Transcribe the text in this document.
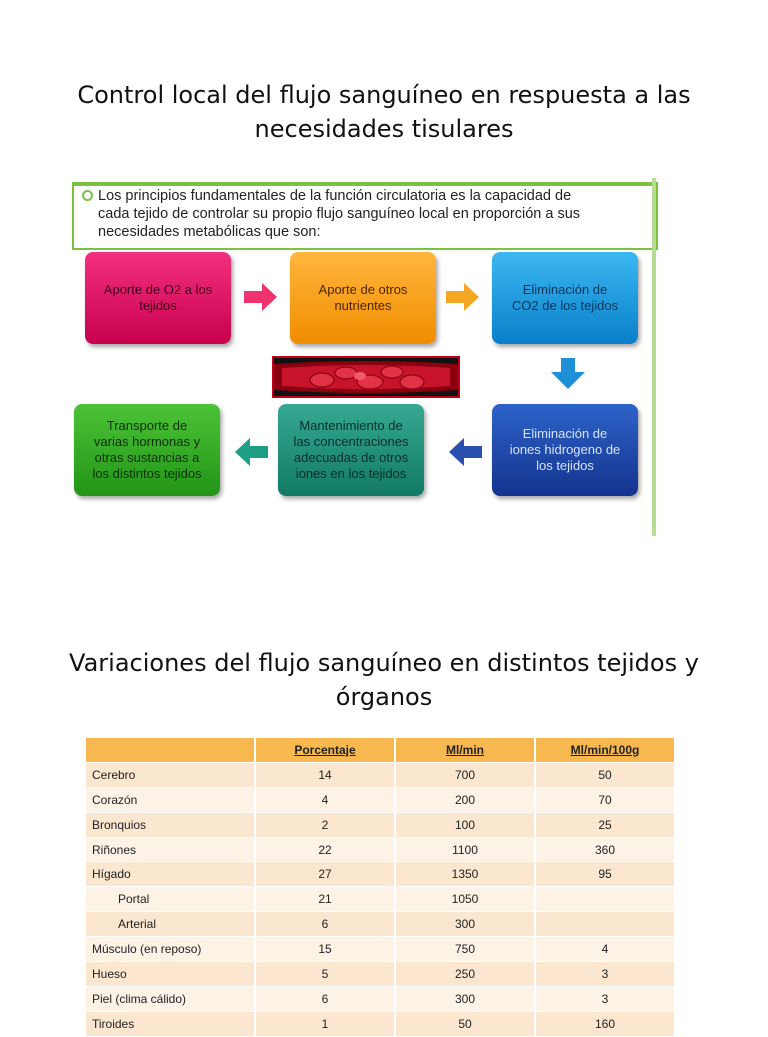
Control local del flujo sanguíneo en respuesta a las
necesidades tisulares
Los principios fundamentales de la función circulatoria es la capacidad de
cada tejido de controlar su propio flujo sanguíneo local en proporción a sus
necesidades metabólicas que son:
Aporte de O2 a los
tejidos
Aporte de otros
nutrientes
Eliminación de
CO2 de los tejidos
Eliminación de
iones hidrogeno de
los tejidos
Mantenimiento de
las concentraciones
adecuadas de otros
iones en los tejidos
Transporte de
varias hormonas y
otras sustancias a
los distintos tejidos
Variaciones del flujo sanguíneo en distintos tejidos y
órganos
	Porcentaje	Ml/min	Ml/min/100g
Cerebro	14	700	50
Corazón	4	200	70
Bronquios	2	100	25
Riñones	22	1100	360
Hígado	27	1350	95
Portal	21	1050	
Arterial	6	300	
Músculo (en reposo)	15	750	4
Hueso	5	250	3
Piel (clima cálido)	6	300	3
Tiroides	1	50	160
